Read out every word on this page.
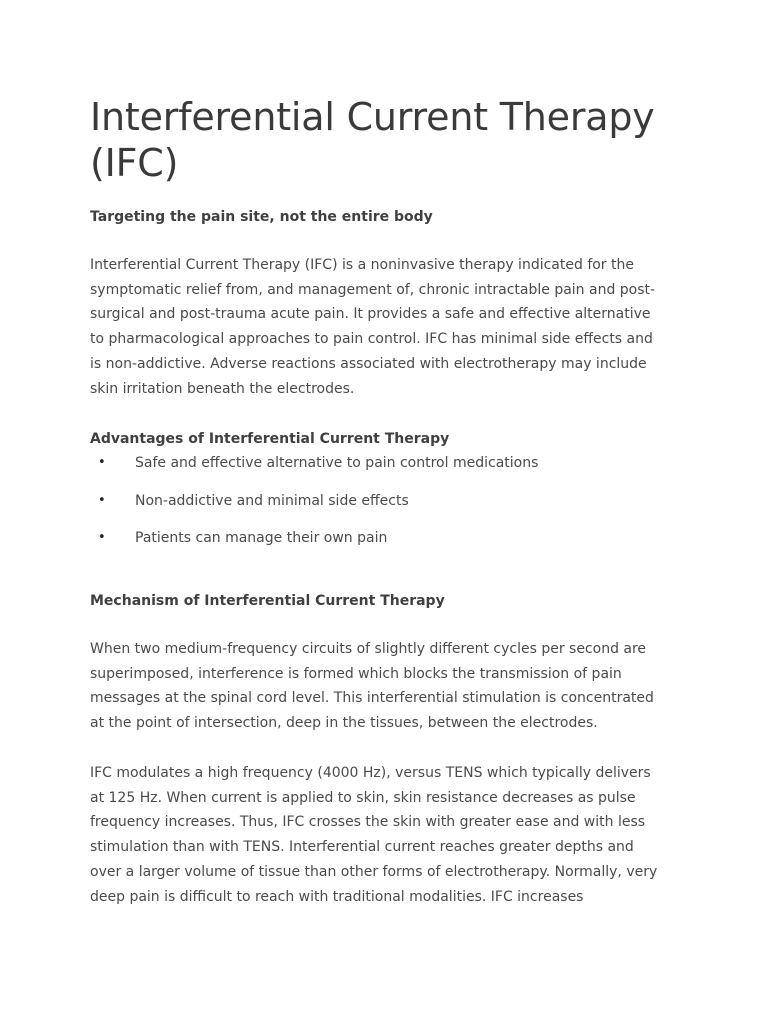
Interferential Current Therapy
(IFC)

Targeting the pain site, not the entire body

Interferential Current Therapy (IFC) is a noninvasive therapy indicated for the
symptomatic relief from, and management of, chronic intractable pain and post-
surgical and post-trauma acute pain. It provides a safe and effective alternative
to pharmacological approaches to pain control. IFC has minimal side effects and
is non-addictive. Adverse reactions associated with electrotherapy may include
skin irritation beneath the electrodes.

Advantages of Interferential Current Therapy
• Safe and effective alternative to pain control medications
• Non-addictive and minimal side effects
• Patients can manage their own pain
Mechanism of Interferential Current Therapy

When two medium-frequency circuits of slightly different cycles per second are
superimposed, interference is formed which blocks the transmission of pain
messages at the spinal cord level. This interferential stimulation is concentrated
at the point of intersection, deep in the tissues, between the electrodes.

IFC modulates a high frequency (4000 Hz), versus TENS which typically delivers
at 125 Hz. When current is applied to skin, skin resistance decreases as pulse
frequency increases. Thus, IFC crosses the skin with greater ease and with less
stimulation than with TENS. Interferential current reaches greater depths and
over a larger volume of tissue than other forms of electrotherapy. Normally, very
deep pain is difficult to reach with traditional modalities. IFC increases
